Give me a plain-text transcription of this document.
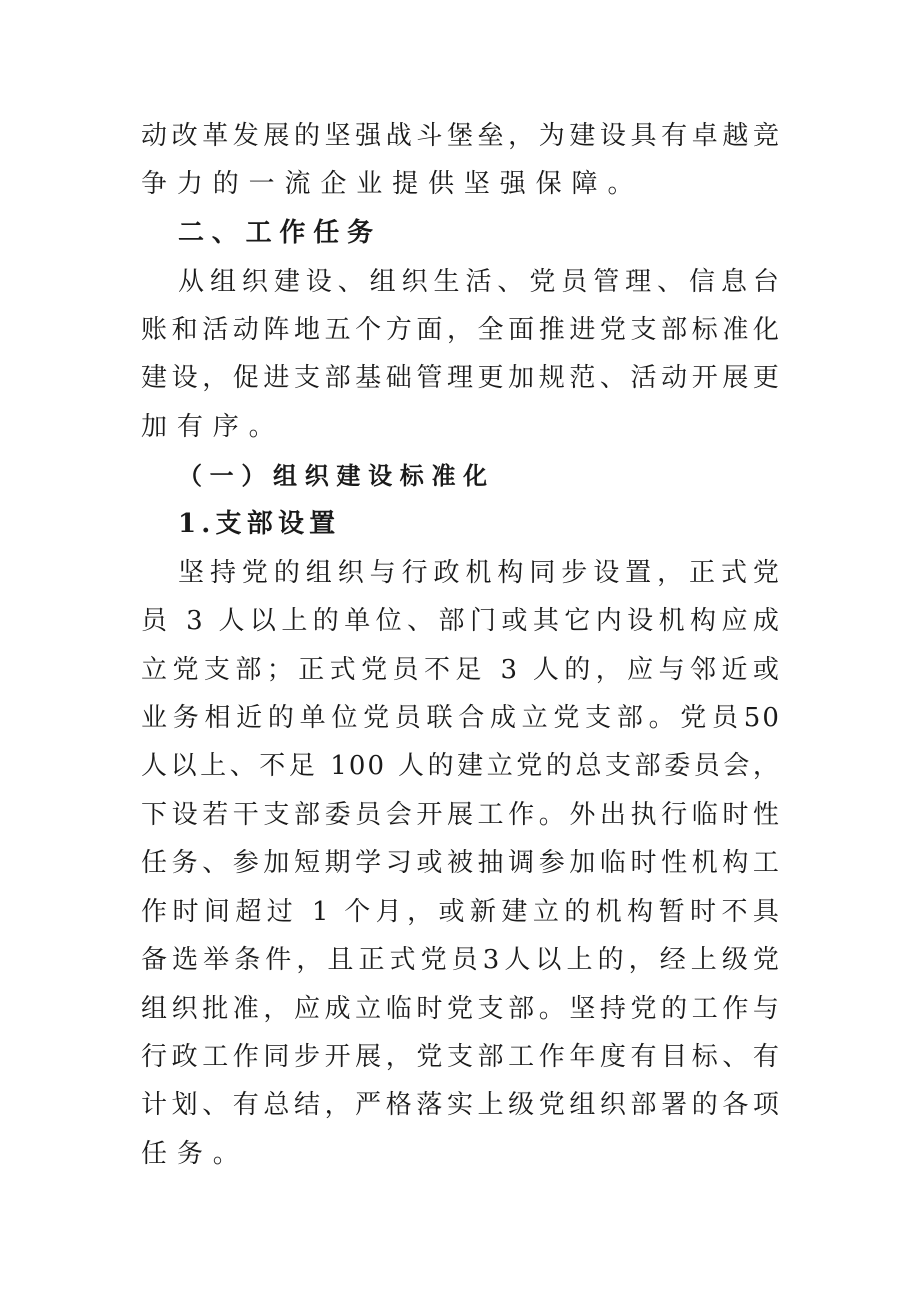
动改革发展的坚强战斗堡垒，为建设具有卓越竞
争力的一流企业提供坚强保障。
二、工作任务
从组织建设、组织生活、党员管理、信息台
账和活动阵地五个方面，全面推进党支部标准化
建设，促进支部基础管理更加规范、活动开展更
加有序。
（一）组织建设标准化
1.支部设置
坚持党的组织与行政机构同步设置，正式党
员 3 人以上的单位、部门或其它内设机构应成
立党支部；正式党员不足 3 人的，应与邻近或
业务相近的单位党员联合成立党支部。党员50
人以上、不足 100 人的建立党的总支部委员会，
下设若干支部委员会开展工作。外出执行临时性
任务、参加短期学习或被抽调参加临时性机构工
作时间超过 1 个月，或新建立的机构暂时不具
备选举条件，且正式党员3人以上的，经上级党
组织批准，应成立临时党支部。坚持党的工作与
行政工作同步开展，党支部工作年度有目标、有
计划、有总结，严格落实上级党组织部署的各项
任务。
